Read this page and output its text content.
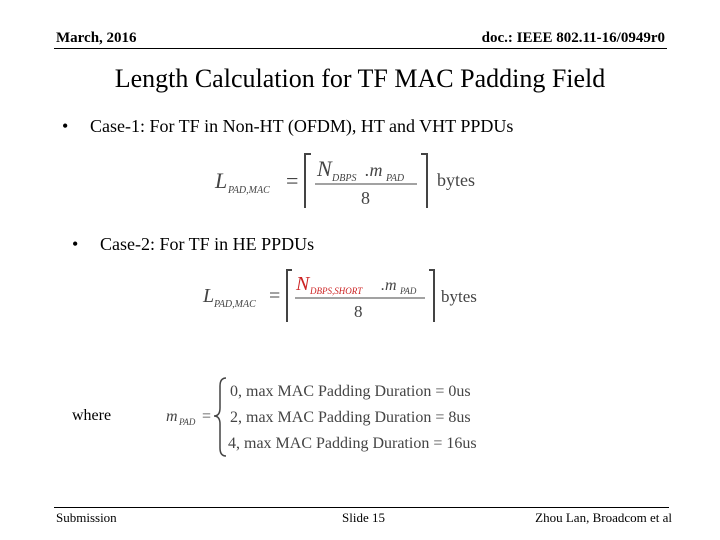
March, 2016	doc.: IEEE 802.11-16/0949r0
Length Calculation for TF MAC Padding Field
•	Case-1: For TF in Non-HT (OFDM), HT and VHT PPDUs
L PAD,MAC = N DBPS .m PAD
8
bytes
•	Case-2: For TF in HE PPDUs
L PAD,MAC =
N DBPS,SHORT .m PAD
8
bytes
where	m PAD =
0, max MAC Padding Duration = 0us
2, max MAC Padding Duration = 8us
4, max MAC Padding Duration = 16us
Submission	Slide 15	Zhou Lan, Broadcom et al
